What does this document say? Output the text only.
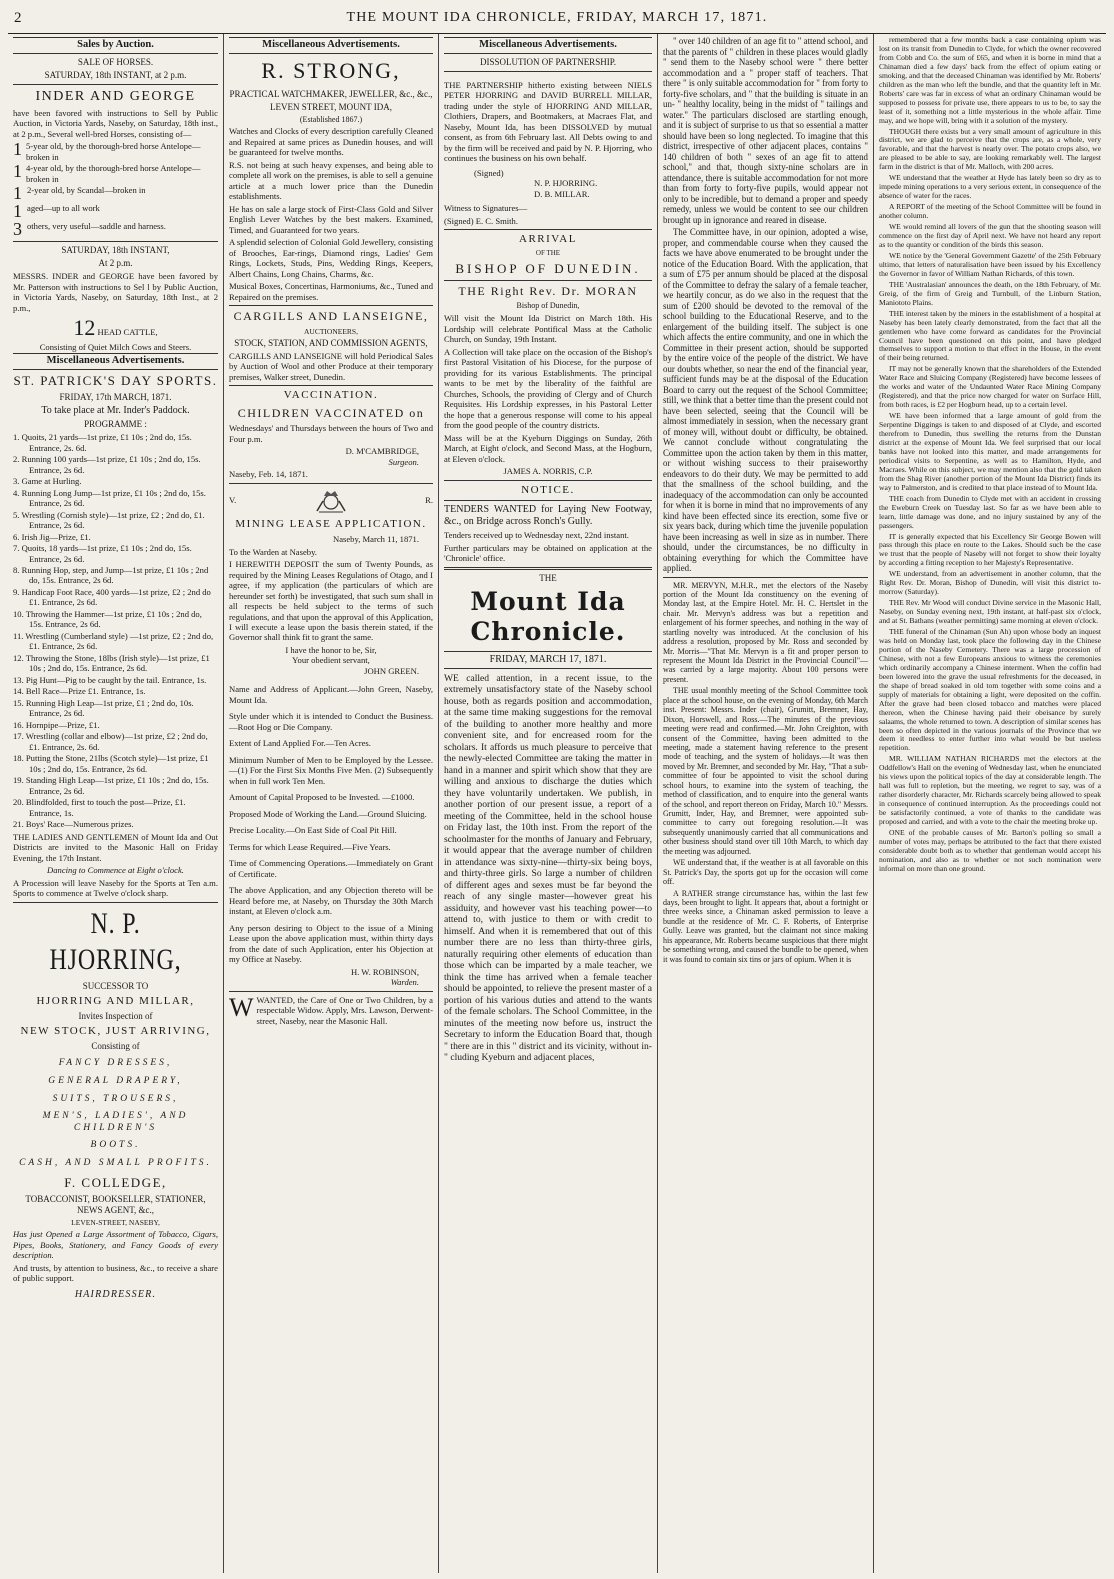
2	THE MOUNT IDA CHRONICLE, FRIDAY, MARCH 17, 1871.
Sales by Auction.
SALE OF HORSES.
SATURDAY, 18th INSTANT, at 2 p.m.
INDER AND GEORGE
have been favored with instructions to Sell by Public Auction, in Victoria Yards, Naseby, on Saturday, 18th inst., at 2 p.m., Several well-bred Horses, consisting of—
1 5-year old, by the thorough-bred horse Antelope—broken in
1 4-year old, by the thorough-bred horse Antelope—broken in
1 2-year old, by Scandal—broken in
1 aged—up to all work
3 others, very useful—saddle and harness.
SATURDAY, 18th INSTANT,
At 2 p.m.
MESSRS. INDER and GEORGE have been favored by Mr. Patterson with instructions to Sel l by Public Auction, in Victoria Yards, Naseby, on Saturday, 18th Inst., at 2 p.m.,
12 HEAD CATTLE,
Consisting of Quiet Milch Cows and Steers.
Miscellaneous Advertisements.
ST. PATRICK'S DAY SPORTS.
FRIDAY, 17th MARCH, 1871.
To take place at Mr. Inder's Paddock.
PROGRAMME :
1. Quoits, 21 yards—1st prize, £1 10s ; 2nd do, 15s. Entrance, 2s. 6d.
2. Running 100 yards—1st prize, £1 10s ; 2nd do, 15s. Entrance, 2s 6d.
3. Game at Hurling.
4. Running Long Jump—1st prize, £1 10s ; 2nd do, 15s. Entrance, 2s 6d.
5. Wrestling (Cornish style)—1st prize, £2 ; 2nd do, £1. Entrance, 2s 6d.
6. Irish Jig—Prize, £1.
7. Quoits, 18 yards—1st prize, £1 10s ; 2nd do, 15s. Entrance, 2s 6d.
8. Running Hop, step, and Jump—1st prize, £1 10s ; 2nd do, 15s. Entrance, 2s 6d.
9. Handicap Foot Race, 400 yards—1st prize, £2 ; 2nd do £1. Entrance, 2s 6d.
10. Throwing the Hammer—1st prize, £1 10s ; 2nd do, 15s. Entrance, 2s 6d.
11. Wrestling (Cumberland style) —1st prize, £2 ; 2nd do, £1. Entrance, 2s 6d.
12. Throwing the Stone, 18lbs (Irish style)—1st prize, £1 10s ; 2nd do, 15s. Entrance, 2s 6d.
13. Pig Hunt—Pig to be caught by the tail. Entrance, 1s.
14. Bell Race—Prize £1. Entrance, 1s.
15. Running High Leap—1st prize, £1 ; 2nd do, 10s. Entrance, 2s 6d.
16. Hornpipe—Prize, £1.
17. Wrestling (collar and elbow)—1st prize, £2 ; 2nd do, £1. Entrance, 2s. 6d.
18. Putting the Stone, 21lbs (Scotch style)—1st prize, £1 10s ; 2nd do, 15s. Entrance, 2s 6d.
19. Standing High Leap—1st prize, £1 10s ; 2nd do, 15s. Entrance, 2s 6d.
20. Blindfolded, first to touch the post—Prize, £1. Entrance, 1s.
21. Boys' Race—Numerous prizes.
THE LADIES AND GENTLEMEN of Mount Ida and Out Districts are invited to the Masonic Hall on Friday Evening, the 17th Instant.
Dancing to Commence at Eight o'clock.
A Procession will leave Naseby for the Sports at Ten a.m. Sports to commence at Twelve o'clock sharp.
N. P. HJORRING,
SUCCESSOR TO
HJORRING AND MILLAR,
Invites Inspection of
NEW STOCK, JUST ARRIVING,
Consisting of
FANCY DRESSES,
GENERAL DRAPERY,
SUITS, TROUSERS,
MEN'S, LADIES', AND CHILDREN'S
BOOTS.
CASH, AND SMALL PROFITS.
F. COLLEDGE,
TOBACCONIST, BOOKSELLER, STATIONER, NEWS AGENT, &c.,
LEVEN-STREET, NASEBY,
Has just Opened a Large Assortment of Tobacco, Cigars, Pipes, Books, Stationery, and Fancy Goods of every description.
And trusts, by attention to business, &c., to receive a share of public support.
HAIRDRESSER.
Miscellaneous Advertisements.
R. STRONG,
PRACTICAL WATCHMAKER, JEWELLER, &c., &c.,
LEVEN STREET, MOUNT IDA,
(Established 1867.)
Watches and Clocks of every description carefully Cleaned and Repaired at same prices as Dunedin houses, and will be guaranteed for twelve months.
R.S. not being at such heavy expenses, and being able to complete all work on the premises, is able to sell a genuine article at a much lower price than the Dunedin establishments.
He has on sale a large stock of First-Class Gold and Silver English Lever Watches by the best makers. Examined, Timed, and Guaranteed for two years.
A splendid selection of Colonial Gold Jewellery, consisting of Brooches, Ear-rings, Diamond rings, Ladies' Gem Rings, Lockets, Studs, Pins, Wedding Rings, Keepers, Albert Chains, Long Chains, Charms, &c.
Musical Boxes, Concertinas, Harmoniums, &c., Tuned and Repaired on the premises.
CARGILLS AND LANSEIGNE,
AUCTIONEERS,
STOCK, STATION, AND COMMISSION AGENTS,
CARGILLS AND LANSEIGNE will hold Periodical Sales by Auction of Wool and other Produce at their temporary premises, Walker street, Dunedin.
VACCINATION.
CHILDREN VACCINATED on
Wednesdays' and Thursdays between the hours of Two and Four p.m.
D. M'CAMBRIDGE,
Surgeon.
Naseby, Feb. 14, 1871.
V.	R.
MINING LEASE APPLICATION.
Naseby, March 11, 1871.
To the Warden at Naseby.
I HEREWITH DEPOSIT the sum of Twenty Pounds, as required by the Mining Leases Regulations of Otago, and I agree, if my application (the particulars of which are hereunder set forth) be investigated, that such sum shall in all respects be held subject to the terms of such regulations, and that upon the approval of this Application, I will execute a lease upon the basis therein stated, if the Governor shall think fit to grant the same.
I have the honor to be, Sir,
Your obedient servant,
JOHN GREEN.
Name and Address of Applicant.—John Green, Naseby, Mount Ida.
Style under which it is intended to Conduct the Business.—Root Hog or Die Company.
Extent of Land Applied For.—Ten Acres.
Minimum Number of Men to be Employed by the Lessee.—(1) For the First Six Months Five Men. (2) Subsequently when in full work Ten Men.
Amount of Capital Proposed to be Invested. —£1000.
Proposed Mode of Working the Land.—Ground Sluicing.
Precise Locality.—On East Side of Coal Pit Hill.
Terms for which Lease Required.—Five Years.
Time of Commencing Operations.—Immediately on Grant of Certificate.
The above Application, and any Objection thereto will be Heard before me, at Naseby, on Thursday the 30th March instant, at Eleven o'clock a.m.
Any person desiring to Object to the issue of a Mining Lease upon the above application must, within thirty days from the date of such Application, enter his Objection at my Office at Naseby.
H. W. ROBINSON,
Warden.
WWANTED, the Care of One or Two Children, by a respectable Widow. Apply, Mrs. Lawson, Derwent-street, Naseby, near the Masonic Hall.
Miscellaneous Advertisements.
DISSOLUTION OF PARTNERSHIP.
THE PARTNERSHIP hitherto existing between NIELS PETER HJORRING and DAVID BURRELL MILLAR, trading under the style of HJORRING AND MILLAR, Clothiers, Drapers, and Bootmakers, at Macraes Flat, and Naseby, Mount Ida, has been DISSOLVED by mutual consent, as from 6th February last. All Debts owing to and by the firm will be received and paid by N. P. Hjorring, who continues the business on his own behalf.
(Signed)
N. P. HJORRING.
D. B. MILLAR.
Witness to Signatures—
(Signed) E. C. Smith.
ARRIVAL
OF THE
BISHOP OF DUNEDIN.
THE Right Rev. Dr. MORAN
Bishop of Dunedin,
Will visit the Mount Ida District on March 18th. His Lordship will celebrate Pontifical Mass at the Catholic Church, on Sunday, 19th Instant.
A Collection will take place on the occasion of the Bishop's first Pastoral Visitation of his Diocese, for the purpose of providing for its various Establishments. The principal wants to be met by the liberality of the faithful are Churches, Schools, the providing of Clergy and of Church Requisites. His Lordship expresses, in his Pastoral Letter the hope that a generous response will come to his appeal from the good people of the country districts.
Mass will be at the Kyeburn Diggings on Sunday, 26th March, at Eight o'clock, and Second Mass, at the Hogburn, at Eleven o'clock.
JAMES A. NORRIS, C.P.
NOTICE.
TENDERS WANTED for Laying New Footway, &c., on Bridge across Ronch's Gully.
Tenders received up to Wednesday next, 22nd instant.
Further particulars may be obtained on application at the 'Chronicle' office.
THE
Mount Ida Chronicle.
FRIDAY, MARCH 17, 1871.
WE called attention, in a recent issue, to the extremely unsatisfactory state of the Naseby school house, both as regards position and accommodation, at the same time making suggestions for the removal of the building to another more healthy and more convenient site, and for encreased room for the scholars. It affords us much pleasure to perceive that the newly-elected Committee are taking the matter in hand in a manner and spirit which show that they are willing and anxious to discharge the duties which they have voluntarily undertaken. We publish, in another portion of our present issue, a report of a meeting of the Committee, held in the school house on Friday last, the 10th inst. From the report of the schoolmaster for the months of January and February, it would appear that the average number of children in attendance was sixty-nine—thirty-six being boys, and thirty-three girls. So large a number of children of different ages and sexes must be far beyond the reach of any single master—however great his assiduity, and however vast his teaching power—to attend to, with justice to them or with credit to himself. And when it is remembered that out of this number there are no less than thirty-three girls, naturally requiring other elements of education than those which can be imparted by a male teacher, we think the time has arrived when a female teacher should be appointed, to relieve the present master of a portion of his various duties and attend to the wants of the female scholars. The School Committee, in the minutes of the meeting now before us, instruct the Secretary to inform the Education Board that, though " there are in this " district and its vicinity, without in- " cluding Kyeburn and adjacent places,

" over 140 children of an age fit to " attend school, and that the parents of " children in these places would gladly " send them to the Naseby school were " there better accommodation and a " proper staff of teachers. That there " is only suitable accommodation for " from forty to forty-five scholars, and " that the building is situate in an un- " healthy locality, being in the midst of " tailings and water." The particulars disclosed are startling enough, and it is subject of surprise to us that so essential a matter should have been so long neglected. To imagine that this district, irrespective of other adjacent places, contains " 140 children of both " sexes of an age fit to attend school," and that, though sixty-nine scholars are in attendance, there is suitable accommodation for not more than from forty to forty-five pupils, would appear not only to be incredible, but to demand a proper and speedy remedy, unless we would be content to see our children brought up in ignorance and reared in disease.

The Committee have, in our opinion, adopted a wise, proper, and commendable course when they caused the facts we have above enumerated to be brought under the notice of the Education Board. With the application, that a sum of £75 per annum should be placed at the disposal of the Committee to defray the salary of a female teacher, we heartily concur, as do we also in the request that the sum of £200 should be devoted to the removal of the school building to the Educational Reserve, and to the enlargement of the building itself. The subject is one which affects the entire community, and one in which the Committee in their present action, should be supported by the entire voice of the people of the district. We have our doubts whether, so near the end of the financial year, sufficient funds may be at the disposal of the Education Board to carry out the request of the School Committee; still, we think that a better time than the present could not have been selected, seeing that the Council will be almost immediately in session, when the necessary grant of money will, without doubt or difficulty, be obtained. We cannot conclude without congratulating the Committee upon the action taken by them in this matter, or without wishing success to their praiseworthy endeavors to do their duty. We may be permitted to add that the smallness of the school building, and the inadequacy of the accommodation can only be accounted for when it is borne in mind that no improvements of any kind have been effected since its erection, some five or six years back, during which time the juvenile population have been increasing as well in size as in number. There should, under the circumstances, be no difficulty in obtaining everything for which the Committee have applied.

MR. MERVYN, M.H.R., met the electors of the Naseby portion of the Mount Ida constituency on the evening of Monday last, at the Empire Hotel. Mr. H. C. Hertslet in the chair. Mr. Mervyn's address was but a repetition and enlargement of his former speeches, and nothing in the way of startling novelty was introduced. At the conclusion of his address a resolution, proposed by Mr. Ross and seconded by Mr. Morris—"That Mr. Mervyn is a fit and proper person to represent the Mount Ida District in the Provincial Council"—was carried by a large majority. About 100 persons were present.

THE usual monthly meeting of the School Committee took place at the school house, on the evening of Monday, 6th March inst. Present: Messrs. Inder (chair), Grumitt, Bremner, Hay, Dixon, Horswell, and Ross.—The minutes of the previous meeting were read and confirmed.—Mr. John Creighton, with consent of the Committee, having been admitted to the meeting, made a statement having reference to the present mode of teaching, and the system of holidays.—It was then moved by Mr. Bremner, and seconded by Mr. Hay, "That a sub-committee of four be appointed to visit the school during school hours, to examine into the system of teaching, the method of classification, and to enquire into the general wants of the school, and report thereon on Friday, March 10." Messrs. Grumitt, Inder, Hay, and Bremner, were appointed sub-committee to carry out foregoing resolution.—It was subsequently unanimously carried that all communications and other business should stand over till 10th March, to which day the meeting was adjourned.

WE understand that, if the weather is at all favorable on this St. Patrick's Day, the sports got up for the occasion will come off.

A RATHER strange circumstance has, within the last few days, been brought to light. It appears that, about a fortnight or three weeks since, a Chinaman asked permission to leave a bundle at the residence of Mr. C. F. Roberts, of Enterprise Gully. Leave was granted, but the claimant not since making his appearance, Mr. Roberts became suspicious that there might be something wrong, and caused the bundle to be opened, when it was found to contain six tins or jars of opium. When it is

remembered that a few months back a case containing opium was lost on its transit from Dunedin to Clyde, for which the owner recovered from Cobb and Co. the sum of £65, and when it is borne in mind that a Chinaman died a few days' back from the effect of opium eating or smoking, and that the deceased Chinaman was identified by Mr. Roberts' children as the man who left the bundle, and that the quantity left in Mr. Roberts' care was far in excess of what an ordinary Chinaman would be supposed to possess for private use, there appears to us to be, to say the least of it, something not a little mysterious in the whole affair. Time may, and we hope will, bring with it a solution of the mystery.

THOUGH there exists but a very small amount of agriculture in this district, we are glad to perceive that the crops are, as a whole, very favorable, and that the harvest is nearly over. The potato crops also, we are pleased to be able to say, are looking remarkably well. The largest farm in the district is that of Mr. Malloch, with 200 acres.

WE understand that the weather at Hyde has lately been so dry as to impede mining operations to a very serious extent, in consequence of the absence of water for the races.

A REPORT of the meeting of the School Committee will be found in another column.

WE would remind all lovers of the gun that the shooting season will commence on the first day of April next. We have not heard any report as to the quantity or condition of the birds this season.

WE notice by the 'General Government Gazette' of the 25th February ultimo, that letters of naturalisation have been issued by his Excellency the Governor in favor of William Nathan Richards, of this town.

THE 'Australasian' announces the death, on the 18th February, of Mr. Greig, of the firm of Greig and Turnbull, of the Linburn Station, Maniototo Plains.

THE interest taken by the miners in the establishment of a hospital at Naseby has been lately clearly demonstrated, from the fact that all the gentlemen who have come forward as candidates for the Provincial Council have been questioned on this point, and have pledged themselves to support a motion to that effect in the House, in the event of their being returned.

IT may not be generally known that the shareholders of the Extended Water Race and Sluicing Company (Registered) have become lessees of the works and water of the Undaunted Water Race Mining Company (Registered), and that the price now charged for water on Surface Hill, from both races, is £2 per Hogburn head, up to a certain level.

WE have been informed that a large amount of gold from the Serpentine Diggings is taken to and disposed of at Clyde, and escorted therefrom to Dunedin, thus swelling the returns from the Dunstan district at the expense of Mount Ida. We feel surprised that our local banks have not looked into this matter, and made arrangements for periodical visits to Serpentine, as well as to Hamilton, Hyde, and Macraes. While on this subject, we may mention also that the gold taken from the Shag River (another portion of the Mount Ida District) finds its way to Palmerston, and is credited to that place instead of to Mount Ida.

THE coach from Dunedin to Clyde met with an accident in crossing the Eweburn Creek on Tuesday last. So far as we have been able to learn, little damage was done, and no injury sustained by any of the passengers.

IT is generally expected that his Excellency Sir George Bowen will pass through this place en route to the Lakes. Should such be the case we trust that the people of Naseby will not forget to show their loyalty by according a fitting reception to her Majesty's Representative.

WE understand, from an advertisement in another column, that the Right Rev. Dr. Moran, Bishop of Dunedin, will visit this district to-morrow (Saturday).

THE Rev. Mr Wood will conduct Divine service in the Masonic Hall, Naseby, on Sunday evening next, 19th instant, at half-past six o'clock, and at St. Bathans (weather permitting) same morning at eleven o'clock.

THE funeral of the Chinaman (Sun Ah) upon whose body an inquest was held on Monday last, took place the following day in the Chinese portion of the Naseby Cemetery. There was a large procession of Chinese, with not a few Europeans anxious to witness the ceremonies which ordinarily accompany a Chinese interment. When the coffin had been lowered into the grave the usual refreshments for the deceased, in the shape of bread soaked in old tom together with some coins and a supply of materials for obtaining a light, were deposited on the coffin. After the grave had been closed tobacco and matches were placed thereon, when the Chinese having paid their obeisance by surely salaams, the whole returned to town. A description of similar scenes has been so often depicted in the various journals of the Province that we deem it needless to enter further into what would be but useless repetition.

MR. WILLIAM NATHAN RICHARDS met the electors at the Oddfellow's Hall on the evening of Wednesday last, when he enunciated his views upon the political topics of the day at considerable length. The hall was full to repletion, but the meeting, we regret to say, was of a rather disorderly character, Mr. Richards scarcely being allowed to speak in consequence of continued interruption. As the proceedings could not be satisfactorily continued, a vote of thanks to the candidate was proposed and carried, and with a vote to the chair the meeting broke up.

ONE of the probable causes of Mr. Barton's polling so small a number of votes may, perhaps be attributed to the fact that there existed considerable doubt both as to whether that gentleman would accept his nomination, and also as to whether or not such nomination were informal on more than one ground.
